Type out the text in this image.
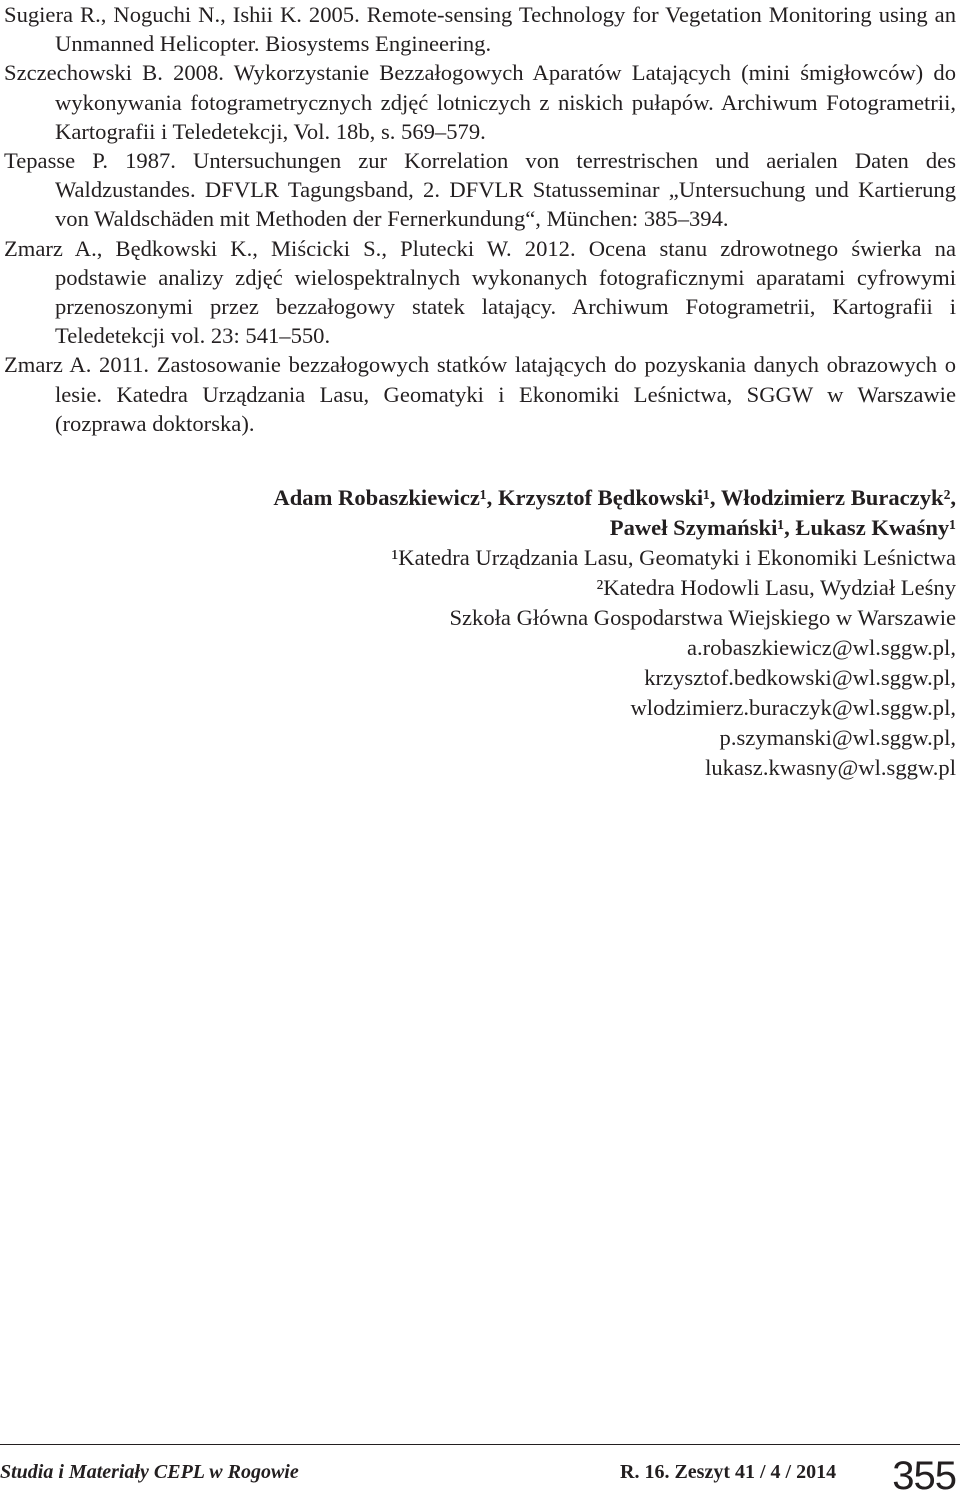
Sugiera R., Noguchi N., Ishii K. 2005. Remote-sensing Technology for Vegetation Monitoring using an Unmanned Helicopter. Biosystems Engineering.
Szczechowski B. 2008. Wykorzystanie Bezzałogowych Aparatów Latających (mini śmigłowców) do wykonywania fotogrametrycznych zdjęć lotniczych z niskich pułapów. Archiwum Fotogrametrii, Kartografii i Teledetekcji, Vol. 18b, s. 569–579.
Tepasse P. 1987. Untersuchungen zur Korrelation von terrestrischen und aerialen Daten des Waldzustandes. DFVLR Tagungsband, 2. DFVLR Statusseminar „Untersuchung und Kartierung von Waldschäden mit Methoden der Fernerkundung“, München: 385–394.
Zmarz A., Będkowski K., Miścicki S., Plutecki W. 2012. Ocena stanu zdrowotnego świerka na podstawie analizy zdjęć wielospektralnych wykonanych fotograficznymi aparatami cyfrowymi przenoszonymi przez bezzałogowy statek latający. Archiwum Fotogrametrii, Kartografii i Teledetekcji vol. 23: 541–550.
Zmarz A. 2011. Zastosowanie bezzałogowych statków latających do pozyskania danych obrazowych o lesie. Katedra Urządzania Lasu, Geomatyki i Ekonomiki Leśnictwa, SGGW w Warszawie (rozprawa doktorska).
Adam Robaszkiewicz¹, Krzysztof Będkowski¹, Włodzimierz Buraczyk²,
Paweł Szymański¹, Łukasz Kwaśny¹
¹Katedra Urządzania Lasu, Geomatyki i Ekonomiki Leśnictwa
²Katedra Hodowli Lasu, Wydział Leśny
Szkoła Główna Gospodarstwa Wiejskiego w Warszawie
a.robaszkiewicz@wl.sggw.pl,
krzysztof.bedkowski@wl.sggw.pl,
wlodzimierz.buraczyk@wl.sggw.pl,
p.szymanski@wl.sggw.pl,
lukasz.kwasny@wl.sggw.pl
Studia i Materiały CEPL w Rogowie	R. 16. Zeszyt 41 / 4 / 2014 355
